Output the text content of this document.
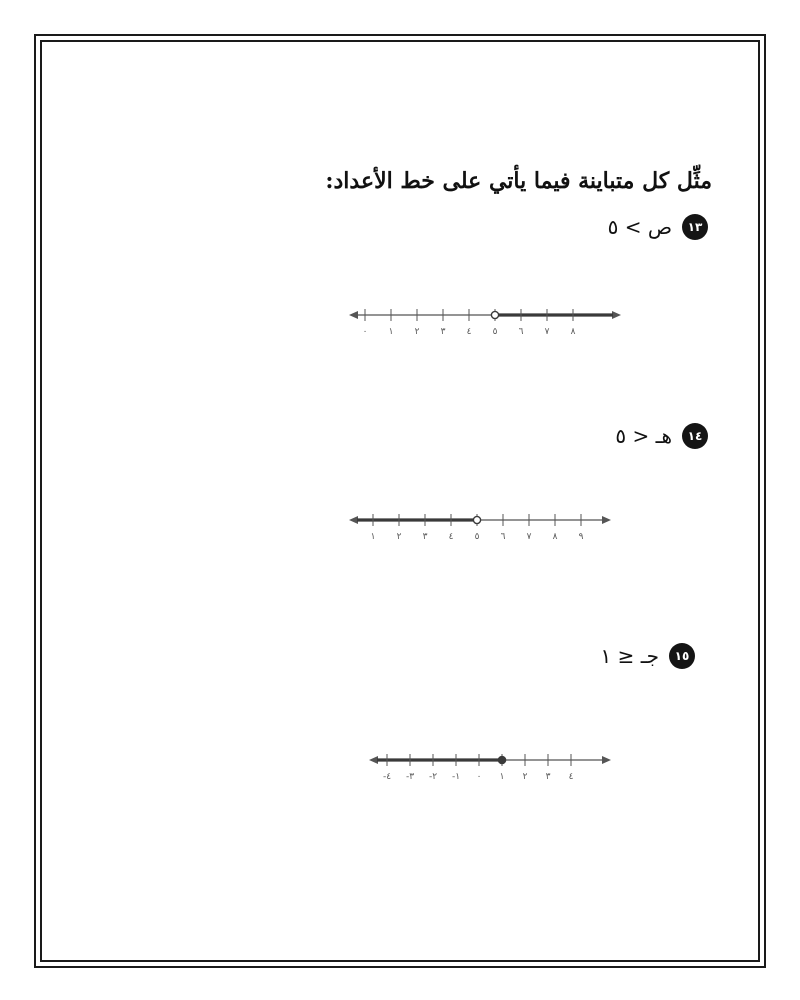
مثِّل كل متباينة فيما يأتي على خط الأعداد:
١٣
ص > ٥
٠ ١ ٢ ٣ ٤ ٥ ٦ ٧ ٨
١٤
هـ < ٥
١ ٢ ٣ ٤ ٥ ٦ ٧ ٨ ٩
١٥
جـ ≤ ١
-٤ -٣ -٢ -١ ٠ ١ ٢ ٣ ٤
